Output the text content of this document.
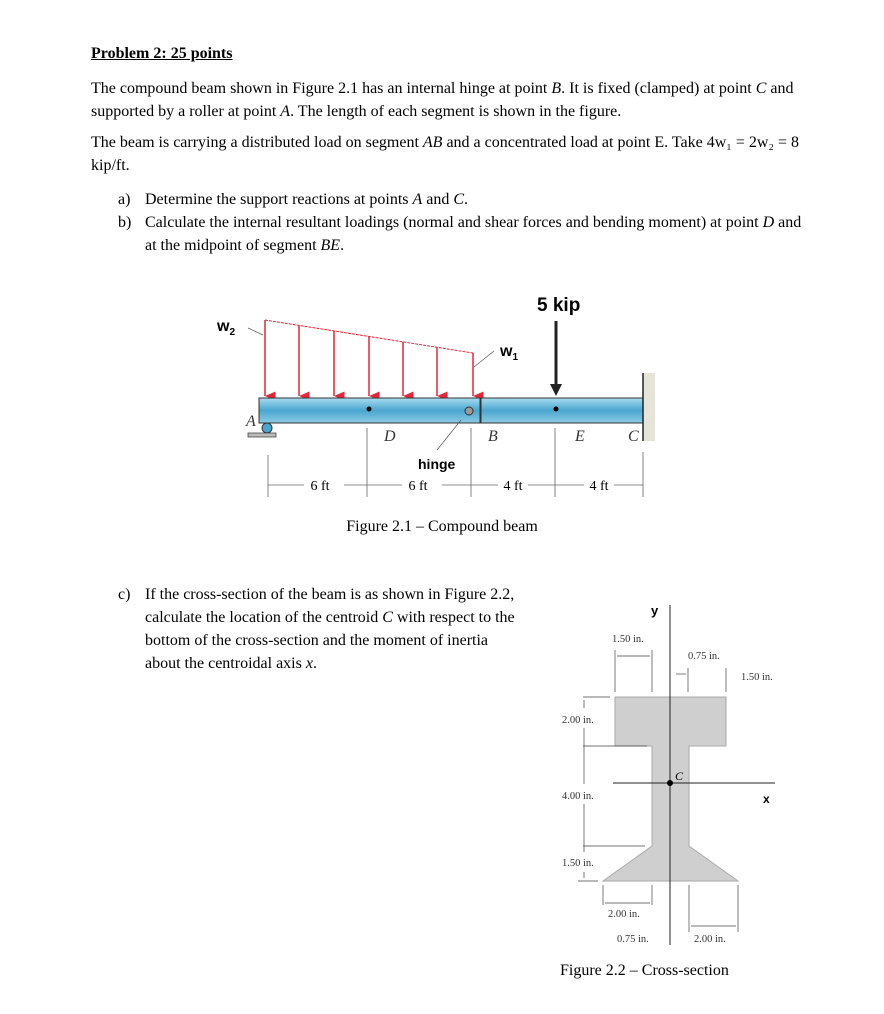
Problem 2: 25 points
The compound beam shown in Figure 2.1 has an internal hinge at point B. It is fixed (clamped) at point C and supported by a roller at point A. The length of each segment is shown in the figure.
The beam is carrying a distributed load on segment AB and a concentrated load at point E. Take 4w₁ = 2w₂ = 8 kip/ft.
a) Determine the support reactions at points A and C.
b) Calculate the internal resultant loadings (normal and shear forces and bending moment) at point D and at the midpoint of segment BE.
c) If the cross-section of the beam is as shown in Figure 2.2, calculate the location of the centroid C with respect to the bottom of the cross-section and the moment of inertia about the centroidal axis x.
$w_2$
$w_1$
5 kip
A
D	B	E	C
hinge
6 ft	6 ft	4 ft	4 ft
Figure 2.1 – Compound beam
y
x
C
1.50 in.
0.75 in.
1.50 in.
2.00 in.
4.00 in.
1.50 in.
2.00 in.
0.75 in.	2.00 in.
Figure 2.2 – Cross-section
